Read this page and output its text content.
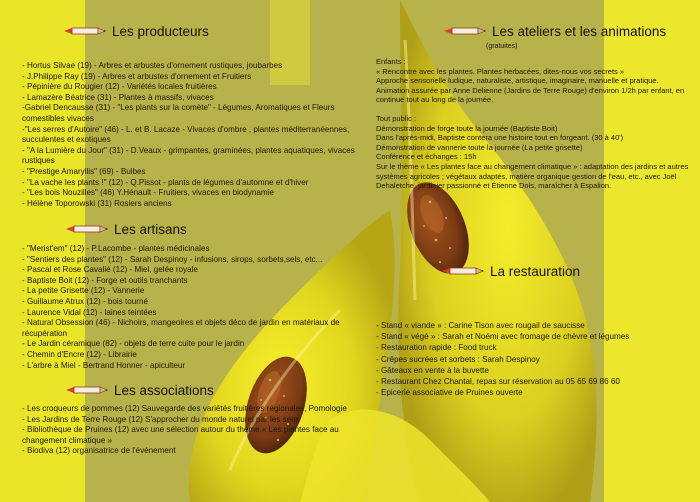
Les producteurs
- Hortus Silvae (19) - Arbres et arbustes d'ornement rustiques, joubarbes
- J.Philippe Ray (19) - Arbres et arbustes d'ornement et Fruitiers
- Pépinière du Rougier (12) - Variétés locales fruitières
- Lamazère Béatrice (31) - Plantes à massifs, vivaces
-Gabriel Dencausse (31) - "Les plants sur la comète" - Légumes, Aromatiques et Fleurs comestibles vivaces
-"Les serres d'Autoire" (46) - L. et B. Lacaze - Vivaces d'ombre , plantes méditerranéennes, succulentes et exotiques
- "A la Lumière du Jour" (31) - D.Veaux - grimpantes, graminées, plantes aquatiques, vivaces rustiques
- "Prestige Amaryllis" (69) - Bulbes
- "La vache les plants !" (12) - Q.Pissot - plants de légumes d'automne et d'hiver
- "Les bois Nouzilles" (46) Y.Hénault - Fruitiers, vivaces en biodynamie
- Hélène Toporowski (31) Rosiers anciens
Les artisans
- "Merist'em" (12) - P.Lacombe - plantes médicinales
- "Sentiers des plantes" (12) - Sarah Despinoy - infusions, sirops, sorbets,sels, etc...
- Pascal et Rose Cavalié (12) - Miel, gelée royale
- Baptiste Boit (12) - Forge et outils tranchants
- La petite Grisette (12) - Vannerie
- Guillaume Atrux (12) - bois tourné
- Laurence Vidal (12) - laines teintées
- Natural Obsession (46) - Nichoirs, mangeoires et objets déco de jardin en matériaux de récupération
- Le Jardin céramique (82) - objets de terre cuite pour le jardin
- Chemin d'Encre (12) - Librairie
- L'arbre à Miel - Bertrand Honner - apiculteur
Les associations
- Les croqueurs de pommes (12) Sauvegarde des variétés fruitières régionales, Pomologie
- Les Jardins de Terre Rouge (12) S'approcher du monde naturel par les sens
- Bibliothèque de Pruines (12) avec une sélection autour du thème « Les plantes face au changement climatique »
- Biodiva (12) organisatrice de l'événement
Les ateliers et les animations
(gratuites)

Enfants :

« Rencontre avec les plantes. Plantes herbacées, dites-nous vos secrets »

Approche sensorielle ludique, naturaliste, artistique, imaginaire, manuelle et pratique.

Animation assurée par Anne Delienne (Jardins de Terre Rouge) d'environ 1/2h par enfant, en continue tout au long de la journée.

Tout public :

Démonstration de forge toute la journée (Baptiste Boit)

Dans l'après-midi, Baptiste contera une histoire tout en forgeant. (30 à 40')

Démonstration de vannerie toute la journée (La petite grisette)

Conférence et échanges : 15h

Sur le thème « Les plantes face au changement climatique » : adaptation des jardins et autres systèmes agricoles ; végétaux adaptés, matière organique gestion de l'eau, etc., avec Joël Dehaletche, jardinier passionné et Étienne Dols, maraîcher à Espalion.

La restauration
- Stand « viande » : Carine Tison avec rougail de saucisse
- Stand « végé » : Sarah et Noémi avec fromage de chèvre et légumes
- Restauration rapide : Food truck
- Crêpes sucrées et sorbets : Sarah Despinoy
- Gâteaux en vente à la buvette
- Restaurant Chez Chantal, repas sur réservation au 05 65 69 86 60
- Epicerie associative de Pruines ouverte
